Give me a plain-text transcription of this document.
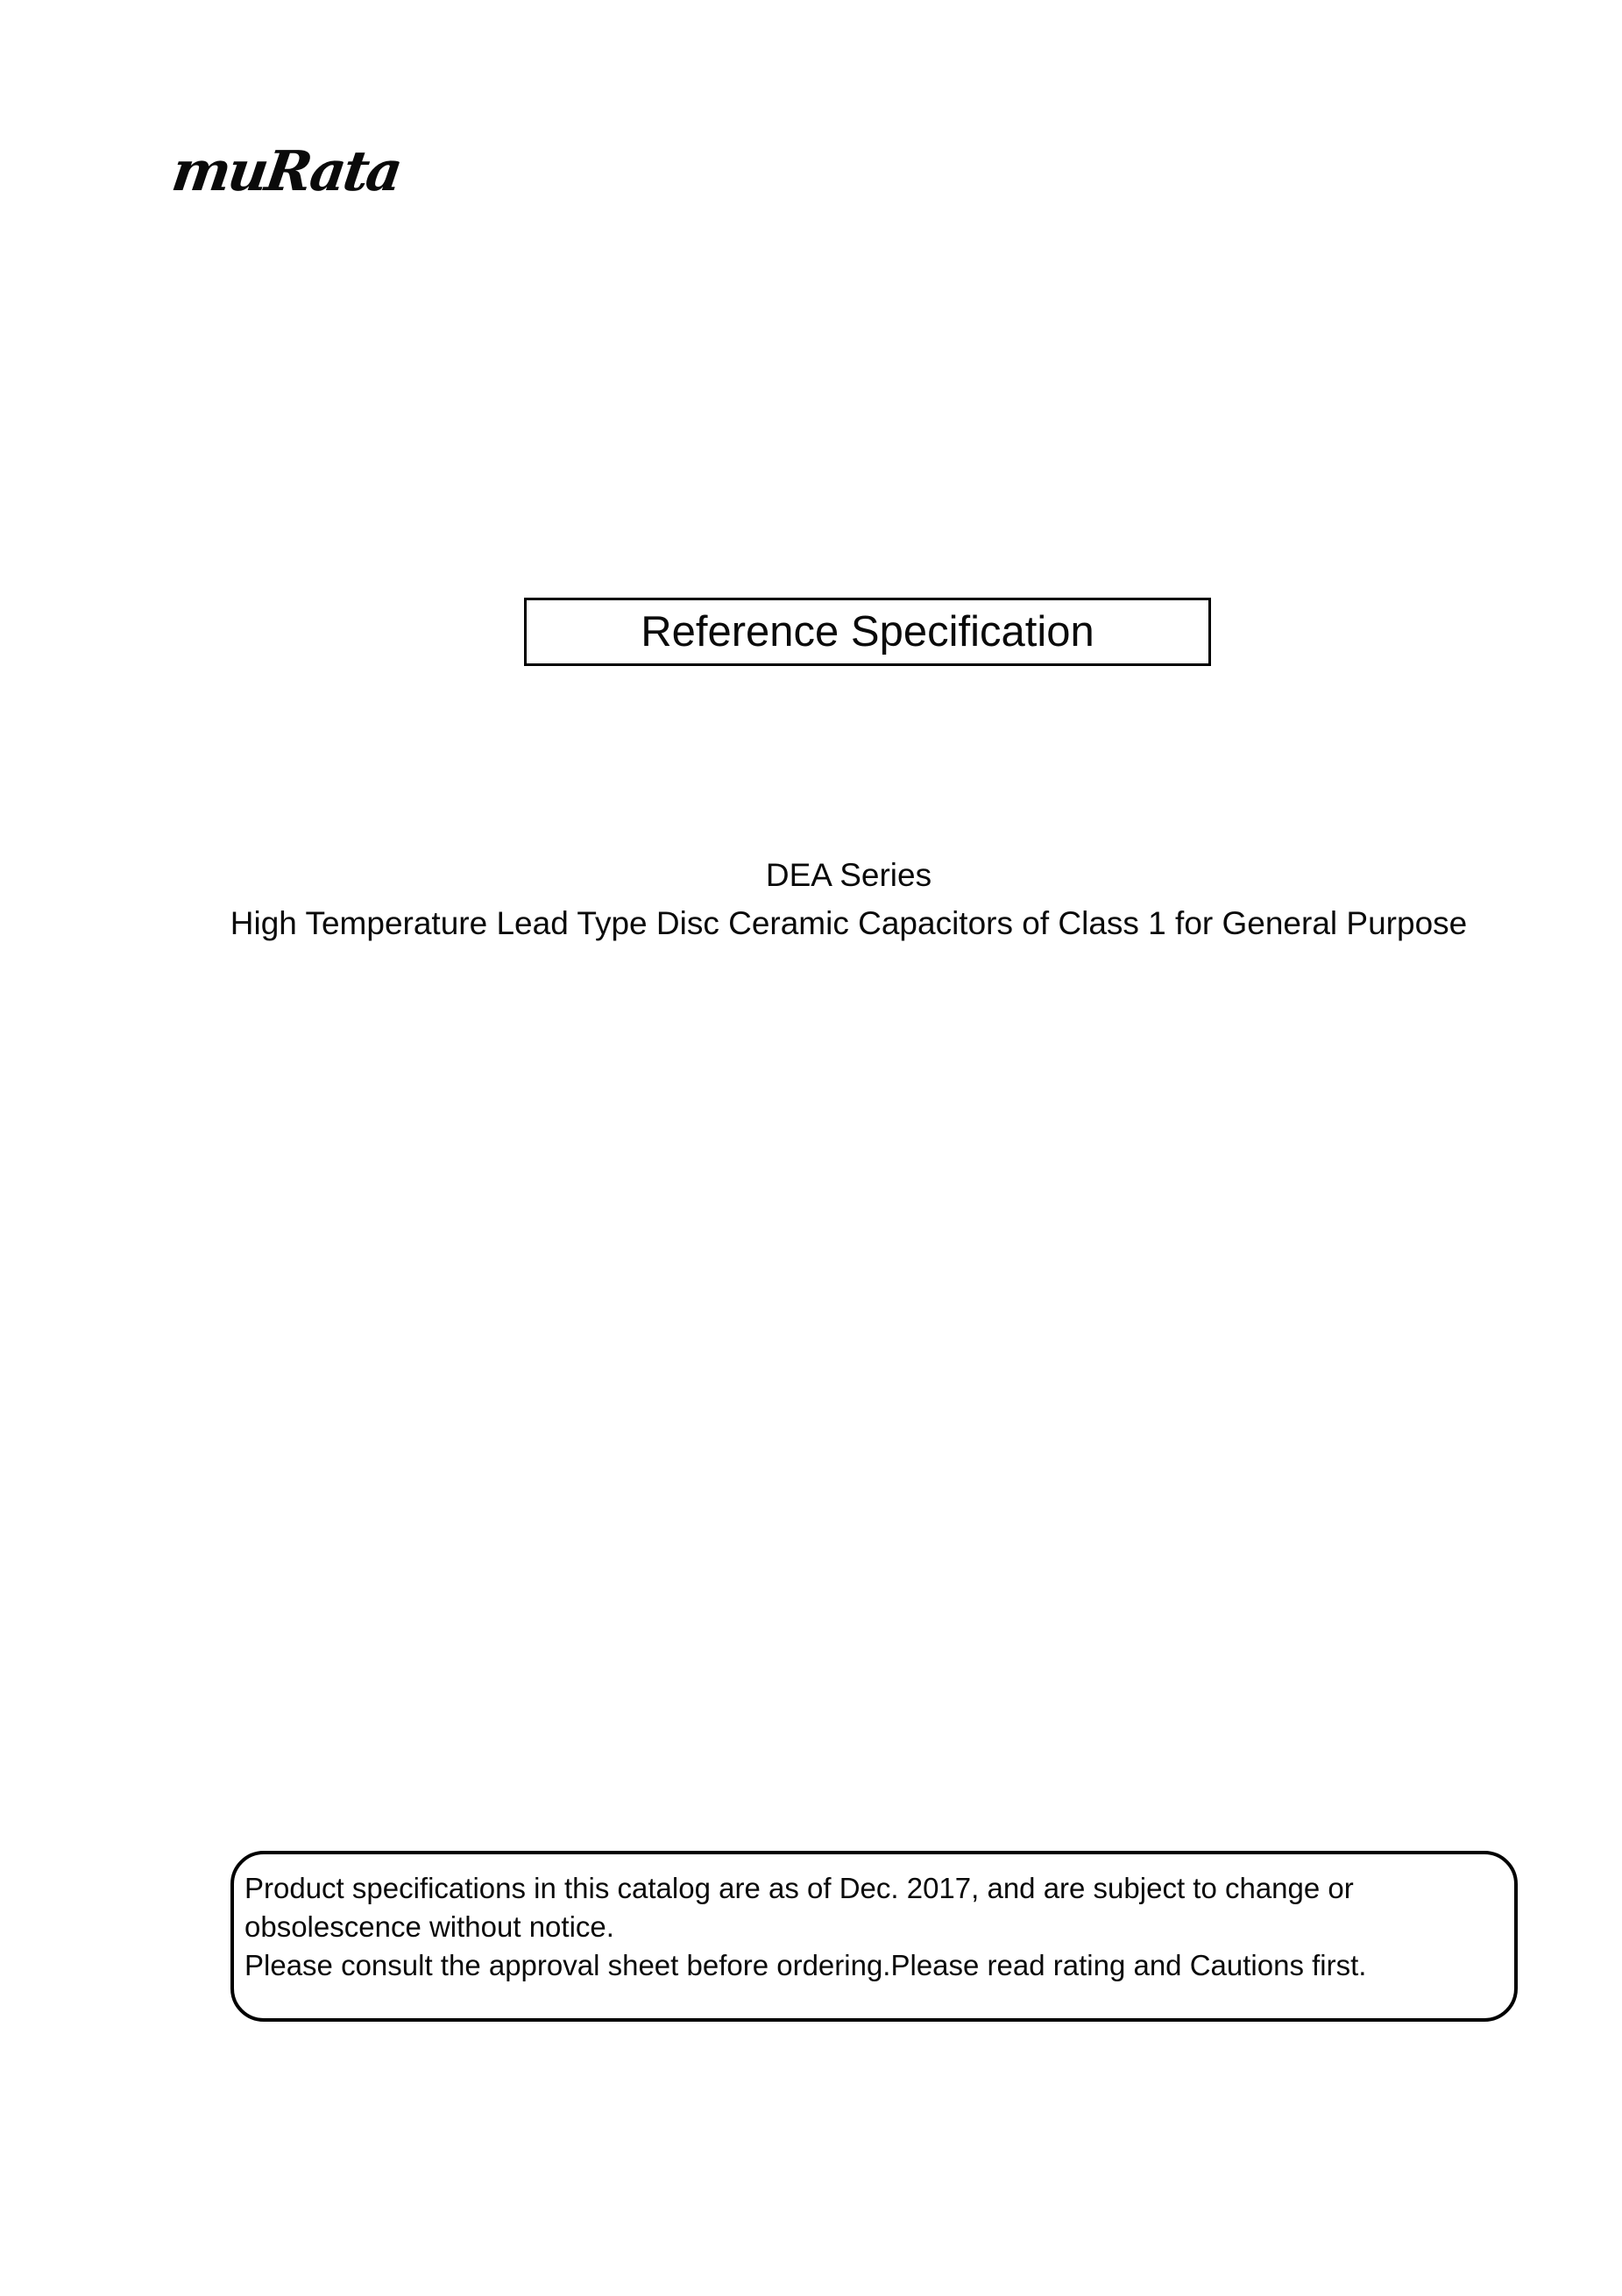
muRata
Reference Specification
DEA Series
High Temperature Lead Type Disc Ceramic Capacitors of Class 1 for General Purpose
Product specifications in this catalog are as of Dec. 2017, and are subject to change or
obsolescence without notice.
Please consult the approval sheet before ordering.Please read rating and Cautions first.
